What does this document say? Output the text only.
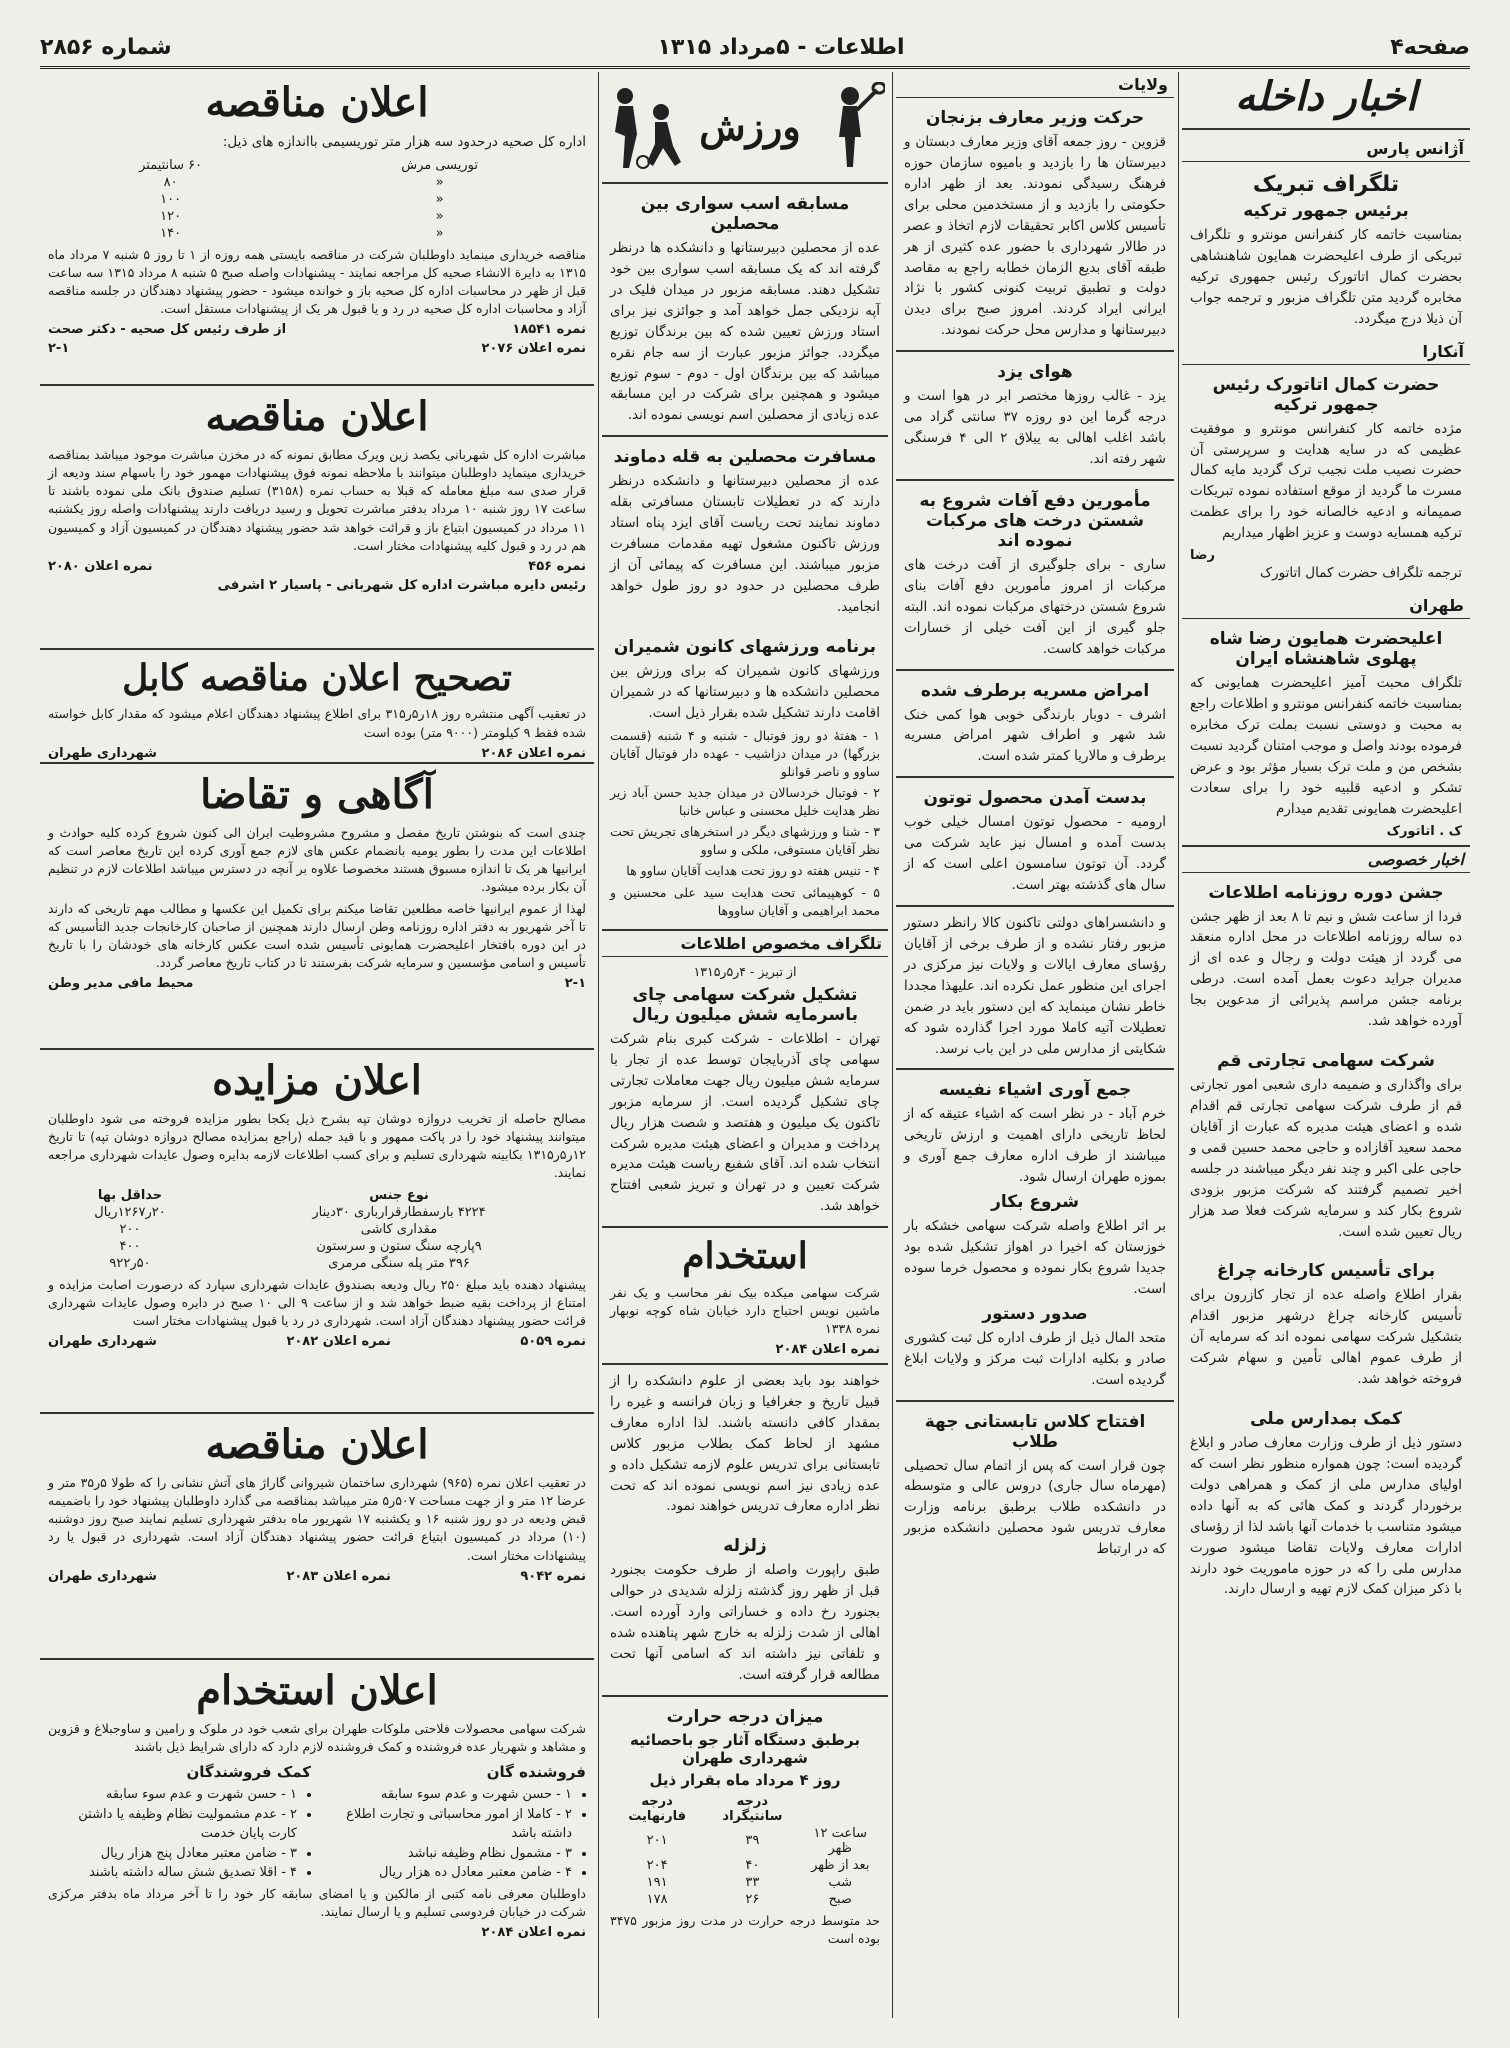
صفحه۴
اطلاعات - ۵مرداد ۱۳۱۵
شماره ۲۸۵۶
اعلان مناقصه

اداره کل صحیه درحدود سه هزار متر توریسیمی بااندازه های ذیل:

توریسی مرش	۶۰ سانتیمتر
«	۸۰
«	۱۰۰
«	۱۲۰
«	۱۴۰

مناقصه خریداری مینماید داوطلبان شرکت در مناقصه بایستی همه روزه از ۱ تا روز ۵ شنبه ۷ مرداد ماه ۱۳۱۵ به دایرة الانشاء صحیه کل مراجعه نمایند - پیشنهادات واصله صبح ۵ شنبه ۸ مرداد ۱۳۱۵ سه ساعت قبل از ظهر در محاسبات اداره کل صحیه باز و خوانده میشود - حضور پیشنهاد دهندگان در جلسه مناقصه آزاد و محاسبات اداره کل صحیه در رد و یا قبول هر یک از پیشنهادات مستقل است.

نمره ۱۸۵۴۱
از طرف رئیس کل صحیه - دکتر صحت
نمره اعلان ۲۰۷۶
۲-۱
اعلان مناقصه

مباشرت اداره کل شهربانی یکصد زین ویرک مطابق نمونه که در مخزن مباشرت موجود میباشد بمناقصه خریداری مینماید داوطلبان میتوانند با ملاحظه نمونه فوق پیشنهادات مهمور خود را باسهام سند ودیعه از قرار صدی سه مبلغ معامله که قبلا به حساب نمره (۳۱۵۸) تسلیم صندوق بانک ملی نموده باشند تا ساعت ۱۷ روز شنبه ۱۰ مرداد بدفتر مباشرت تحویل و رسید دریافت دارند پیشنهادات واصله روز یکشنبه ۱۱ مرداد در کمیسیون ابتیاع باز و قرائت خواهد شد حضور پیشنهاد دهندگان در کمیسیون آزاد و کمیسیون هم در رد و قبول کلیه پیشنهادات مختار است.

نمره ۴۵۶
نمره اعلان ۲۰۸۰
رئیس دایره مباشرت اداره کل شهربانی - پاسیار ۲ اشرفی
تصحیح اعلان مناقصه کابل

در تعقیب آگهی منتشره روز ۱۸ر۵ر۳۱۵ برای اطلاع پیشنهاد دهندگان اعلام میشود که مقدار کابل خواسته شده فقط ۹ کیلومتر (۹۰۰۰ متر) بوده است

نمره اعلان ۲۰۸۶
شهرداری طهران
آگاهی و تقاضا

چندی است که بنوشتن تاریخ مفصل و مشروح مشروطیت ایران الی کنون شروع کرده کلیه حوادث و اطلاعات این مدت را بطور یومیه بانضمام عکس های لازم جمع آوری کرده این تاریخ معاصر است که ایرانیها هر یک تا اندازه مسبوق هستند مخصوصا علاوه بر آنچه در دسترس میباشد اطلاعات لازم در تنظیم آن بکار برده میشود.

لهذا از عموم ایرانیها خاصه مطلعین تقاضا میکنم برای تکمیل این عکسها و مطالب مهم تاریخی که دارند تا آخر شهریور به دفتر اداره روزنامه وطن ارسال دارند همچنین از صاحبان کارخانجات جدید التأسیس که در این دوره بافتخار اعلیحضرت همایونی تأسیس شده است عکس کارخانه های خودشان را با تاریخ تأسیس و اسامی مؤسسین و سرمایه شرکت بفرستند تا در کتاب تاریخ معاصر گردد.

۲-۱
محیط مافی مدیر وطن
اعلان مزایده

مصالح حاصله از تخریب دروازه دوشان تپه بشرح ذیل یکجا بطور مزایده فروخته می شود داوطلبان میتوانند پیشنهاد خود را در پاکت ممهور و با قید جمله (راجع بمزایده مصالح دروازه دوشان تپه) تا تاریخ ۱۲ر۵ر۱۳۱۵ بکابینه شهرداری تسلیم و برای کسب اطلاعات لازمه بدایره وصول عایدات شهرداری مراجعه نمایند.

نوع جنس	حداقل بها
۴۲۲۴ بارسفطارقرارباری ۳۰دینار	۲۰ر۱۲۶۷ریال
مقداری کاشی	۲۰۰
۹پارچه سنگ ستون و سرستون	۴۰۰
۳۹۶ متر پله سنگی مرمری	۵۰ر۹۲۲

پیشنهاد دهنده باید مبلغ ۲۵۰ ریال ودیعه بصندوق عایدات شهرداری سپارد که درصورت اصابت مزایده و امتناع از پرداخت بقیه ضبط خواهد شد و از ساعت ۹ الی ۱۰ صبح در دایره وصول عایدات شهرداری قرائت حضور پیشنهاد دهندگان آزاد است. شهرداری در رد یا قبول پیشنهادات مختار است

نمره ۵۰۵۹
نمره اعلان ۲۰۸۲
شهرداری طهران
اعلان مناقصه

در تعقیب اعلان نمره (۹۶۵) شهرداری ساختمان شیروانی گاراژ های آتش نشانی را که طولا ۵ر۳۵ متر و عرضا ۱۲ متر و از جهت مساحت ۵۰۷ر۵ متر میباشد بمناقصه می گذارد داوطلبان پیشنهاد خود را باضمیمه قبض ودیعه در دو روز شنبه ۱۶ و یکشنبه ۱۷ شهریور ماه بدفتر شهرداری تسلیم نمایند صبح روز دوشنبه (۱۰) مرداد در کمیسیون ابتیاع قرائت حضور پیشنهاد دهندگان آزاد است. شهرداری در قبول یا رد پیشنهادات مختار است.

نمره ۹۰۴۲
نمره اعلان ۲۰۸۳
شهرداری طهران
اعلان استخدام

شرکت سهامی محصولات فلاحتی ملوکات طهران برای شعب خود در ملوک و رامین و ساوجبلاغ و قزوین و مشاهد و شهریار عده فروشنده و کمک فروشنده لازم دارد که دارای شرایط ذیل باشند

فروشنده گان
• ۱ - حسن شهرت و عدم سوء سابقه
• ۲ - کاملا از امور محاسباتی و تجارت اطلاع داشته باشد
• ۳ - مشمول نظام وظیفه نباشد
• ۴ - ضامن معتبر معادل ده هزار ریال
کمک فروشندگان
• ۱ - حسن شهرت و عدم سوء سابقه
• ۲ - عدم مشمولیت نظام وظیفه یا داشتن کارت پایان خدمت
• ۳ - ضامن معتبر معادل پنج هزار ریال
• ۴ - اقلا تصدیق شش ساله داشته باشند

داوطلبان معرفی نامه کتبی از مالکین و یا امضای سابقه کار خود را تا آخر مرداد ماه بدفتر مرکزی شرکت در خیابان فردوسی تسلیم و یا ارسال نمایند.

نمره اعلان ۲۰۸۴
ورزش
مسابقه اسب سواری بین محصلین

عده از محصلین دبیرستانها و دانشکده ها درنظر گرفته اند که یک مسابقه اسب سواری بین خود تشکیل دهند. مسابقه مزبور در میدان فلیک در آپه نزدیکی جمل خواهد آمد و جوائزی نیز برای استاد ورزش تعیین شده که بین برندگان توزیع میگردد. جوائز مزبور عبارت از سه جام نقره میباشد که بین برندگان اول - دوم - سوم توزیع میشود و همچنین برای شرکت در این مسابقه عده زیادی از محصلین اسم نویسی نموده اند.

مسافرت محصلین به قله دماوند

عده از محصلین دبیرستانها و دانشکده درنظر دارند که در تعطیلات تابستان مسافرتی بقله دماوند نمایند تحت ریاست آقای ایزد پناه استاد ورزش تاکنون مشغول تهیه مقدمات مسافرت مزبور میباشند. این مسافرت که پیمائی آن از طرف محصلین در حدود دو روز طول خواهد انجامید.

برنامه ورزشهای کانون شمیران

ورزشهای کانون شمیران که برای ورزش بین محصلین دانشکده ها و دبیرستانها که در شمیران اقامت دارند تشکیل شده بقرار ذیل است.

۱ - هفتهٔ دو روز فوتبال - شنبه و ۴ شنبه (قسمت بزرگها) در میدان دزاشیب - عهده دار فوتبال آقایان ساوو و ناصر قوانلو

۲ - فوتبال خردسالان در میدان جدید حسن آباد زیر نظر هدایت خلیل محسنی و عباس خانبا

۳ - شنا و ورزشهای دیگر در استخرهای تجریش تحت نظر آقایان مستوفی، ملکی و ساوو

۴ - تنیس هفته دو روز تحت هدایت آقایان ساوو ها

۵ - کوهپیمائی تحت هدایت سید علی محسنین و محمد ابراهیمی و آقایان ساووها

تلگراف مخصوص اطلاعات
از تبریز - ۴ر۵ر۱۳۱۵
تشکیل شرکت سهامی چای باسرمایه شش میلیون ریال

تهران - اطلاعات - شرکت کبری بنام شرکت سهامی چای آذربایجان توسط عده از تجار با سرمایه شش میلیون ریال جهت معاملات تجارتی چای تشکیل گردیده است. از سرمایه مزبور تاکنون یک میلیون و هفتصد و شصت هزار ریال پرداخت و مدیران و اعضای هیئت مدیره شرکت انتخاب شده اند. آقای شفیع ریاست هیئت مدیره شرکت تعیین و در تهران و تبریز شعبی افتتاح خواهد شد.

استخدام

شرکت سهامی میکده بیک نفر محاسب و یک نفر ماشین نویس احتیاج دارد خیابان شاه کوچه نوبهار نمره ۱۳۳۸

نمره اعلان ۲۰۸۴

خواهند بود باید بعضی از علوم دانشکده را از قبیل تاریخ و جغرافیا و زبان فرانسه و غیره را بمقدار کافی دانسته باشند. لذا اداره معارف مشهد از لحاظ کمک بطلاب مزبور کلاس تابستانی برای تدریس علوم لازمه تشکیل داده و عده زیادی نیز اسم نویسی نموده اند که تحت نظر اداره معارف تدریس خواهند نمود.

زلزله

طبق راپورت واصله از طرف حکومت بجنورد قبل از ظهر روز گذشته زلزله شدیدی در حوالی بجنورد رخ داده و خساراتی وارد آورده است. اهالی از شدت زلزله به خارج شهر پناهنده شده و تلفاتی نیز داشته اند که اسامی آنها تحت مطالعه قرار گرفته است.

میزان درجه حرارت
برطبق دستگاه آثار جو باحصائیه شهرداری طهران
روز ۴ مرداد ماه بقرار ذیل
	درجه سانتیگراد	درجه فارنهایت
ساعت ۱۲ ظهر	۳۹	۲۰۱
بعد از ظهر	۴۰	۲۰۴
شب	۳۳	۱۹۱
صبح	۲۶	۱۷۸

حد متوسط درجه حرارت در مدت روز مزبور ۳۴۷۵ بوده است

ولایات
حرکت وزیر معارف بزنجان

قزوین - روز جمعه آقای وزیر معارف دبستان و دبیرستان ها را بازدید و بامیوه سازمان حوزه فرهنگ رسیدگی نمودند. بعد از ظهر اداره حکومتی را بازدید و از مستخدمین محلی برای تأسیس کلاس اکابر تحقیقات لازم اتخاذ و عصر در طالار شهرداری با حضور عده کثیری از هر طبقه آقای بدیع الزمان خطابه راجع به مقاصد دولت و تطبیق تربیت کنونی کشور با نژاد ایرانی ایراد کردند. امروز صبح برای دیدن دبیرستانها و مدارس محل حرکت نمودند.

هوای یزد

یزد - غالب روزها مختصر ابر در هوا است و درجه گرما این دو روزه ۳۷ سانتی گراد می باشد اغلب اهالی به ییلاق ۲ الی ۴ فرسنگی شهر رفته اند.

مأمورین دفع آفات شروع به شستن درخت های مرکبات نموده اند

ساری - برای جلوگیری از آفت درخت های مرکبات از امروز مأمورین دفع آفات بنای شروع شستن درختهای مرکبات نموده اند. البته جلو گیری از این آفت خیلی از خسارات مرکبات خواهد کاست.

امراض مسریه برطرف شده

اشرف - دوبار بارندگی خوبی هوا کمی خنک شد شهر و اطراف شهر امراض مسریه برطرف و مالاریا کمتر شده است.

بدست آمدن محصول توتون

ارومیه - محصول توتون امسال خیلی خوب بدست آمده و امسال نیز عاید شرکت می گردد. آن توتون سامسون اعلی است که از سال های گذشته بهتر است.

و دانشسراهای دولتی تاکنون کالا رانظر دستور مزبور رفتار نشده و از طرف برخی از آقایان رؤسای معارف ایالات و ولایات نیز مرکزی در اجرای این منظور عمل نکرده اند. علیهذا مجددا خاطر نشان مینماید که این دستور باید در ضمن تعطیلات آتیه کاملا مورد اجرا گذارده شود که شکایتی از مدارس ملی در این باب نرسد.

جمع آوری اشیاء نفیسه

خرم آباد - در نظر است که اشیاء عتیقه که از لحاظ تاریخی دارای اهمیت و ارزش تاریخی میباشند از طرف اداره معارف جمع آوری و بموزه طهران ارسال شود.

شروع بکار

بر اثر اطلاع واصله شرکت سهامی خشکه بار خوزستان که اخیرا در اهواز تشکیل شده بود جدیدا شروع بکار نموده و محصول خرما سوده است.

صدور دستور

متحد المال ذیل از طرف اداره کل ثبت کشوری صادر و بکلیه ادارات ثبت مرکز و ولایات ابلاغ گردیده است.

افتتاح کلاس تابستانی جهة طلاب

چون قرار است که پس از اتمام سال تحصیلی (مهرماه سال جاری) دروس عالی و متوسطه در دانشکده طلاب برطبق برنامه وزارت معارف تدریس شود محصلین دانشکده مزبور که در ارتباط

اخبار داخله
آژانس پارس
تلگراف تبریک
برئیس جمهور ترکیه

بمناسبت خاتمه کار کنفرانس مونترو و تلگراف تبریکی از طرف اعلیحضرت همایون شاهنشاهی بحضرت کمال اتاتورک رئیس جمهوری ترکیه مخابره گردید متن تلگراف مزبور و ترجمه جواب آن ذیلا درج میگردد.

آنکارا
حضرت کمال اتاتورک رئیس جمهور ترکیه

مژده خاتمه کار کنفرانس مونترو و موفقیت عظیمی که در سایه هدایت و سرپرستی آن حضرت نصیب ملت نجیب ترک گردید مایه کمال مسرت ما گردید از موقع استفاده نموده تبریکات صمیمانه و ادعیه خالصانه خود را برای عظمت ترکیه همسایه دوست و عزیز اظهار میداریم

رضا

ترجمه تلگراف حضرت کمال اتاتورک

طهران
اعلیحضرت همایون رضا شاه پهلوی شاهنشاه ایران

تلگراف محبت آمیز اعلیحضرت همایونی که بمناسبت خاتمه کنفرانس مونترو و اطلاعات راجع به محبت و دوستی نسبت بملت ترک مخابره فرموده بودند واصل و موجب امتنان گردید نسبت بشخص من و ملت ترک بسیار مؤثر بود و عرض تشکر و ادعیه قلبیه خود را برای سعادت اعلیحضرت همایونی تقدیم میدارم

ک . اتاتورک
اخبار خصوصی
جشن دوره روزنامه اطلاعات

فردا از ساعت شش و نیم تا ۸ بعد از ظهر جشن ده ساله روزنامه اطلاعات در محل اداره منعقد می گردد از هیئت دولت و رجال و عده ای از مدیران جراید دعوت بعمل آمده است. درطی برنامه جشن مراسم پذیرائی از مدعوین بجا آورده خواهد شد.

شرکت سهامی تجارتی قم

برای واگذاری و ضمیمه داری شعبی امور تجارتی قم از طرف شرکت سهامی تجارتی قم اقدام شده و اعضای هیئت مدیره که عبارت از آقایان محمد سعید آقازاده و حاجی محمد حسین قمی و حاجی علی اکبر و چند نفر دیگر میباشند در جلسه اخیر تصمیم گرفتند که شرکت مزبور بزودی شروع بکار کند و سرمایه شرکت فعلا صد هزار ریال تعیین شده است.

برای تأسیس کارخانه چراغ

بقرار اطلاع واصله عده از تجار کازرون برای تأسیس کارخانه چراغ درشهر مزبور اقدام بتشکیل شرکت سهامی نموده اند که سرمایه آن از طرف عموم اهالی تأمین و سهام شرکت فروخته خواهد شد.

کمک بمدارس ملی

دستور ذیل از طرف وزارت معارف صادر و ابلاغ گردیده است: چون همواره منظور نظر است که اولیای مدارس ملی از کمک و همراهی دولت برخوردار گردند و کمک هائی که به آنها داده میشود متناسب با خدمات آنها باشد لذا از رؤسای ادارات معارف ولایات تقاضا میشود صورت مدارس ملی را که در حوزه ماموریت خود دارند با ذکر میزان کمک لازم تهیه و ارسال دارند.
